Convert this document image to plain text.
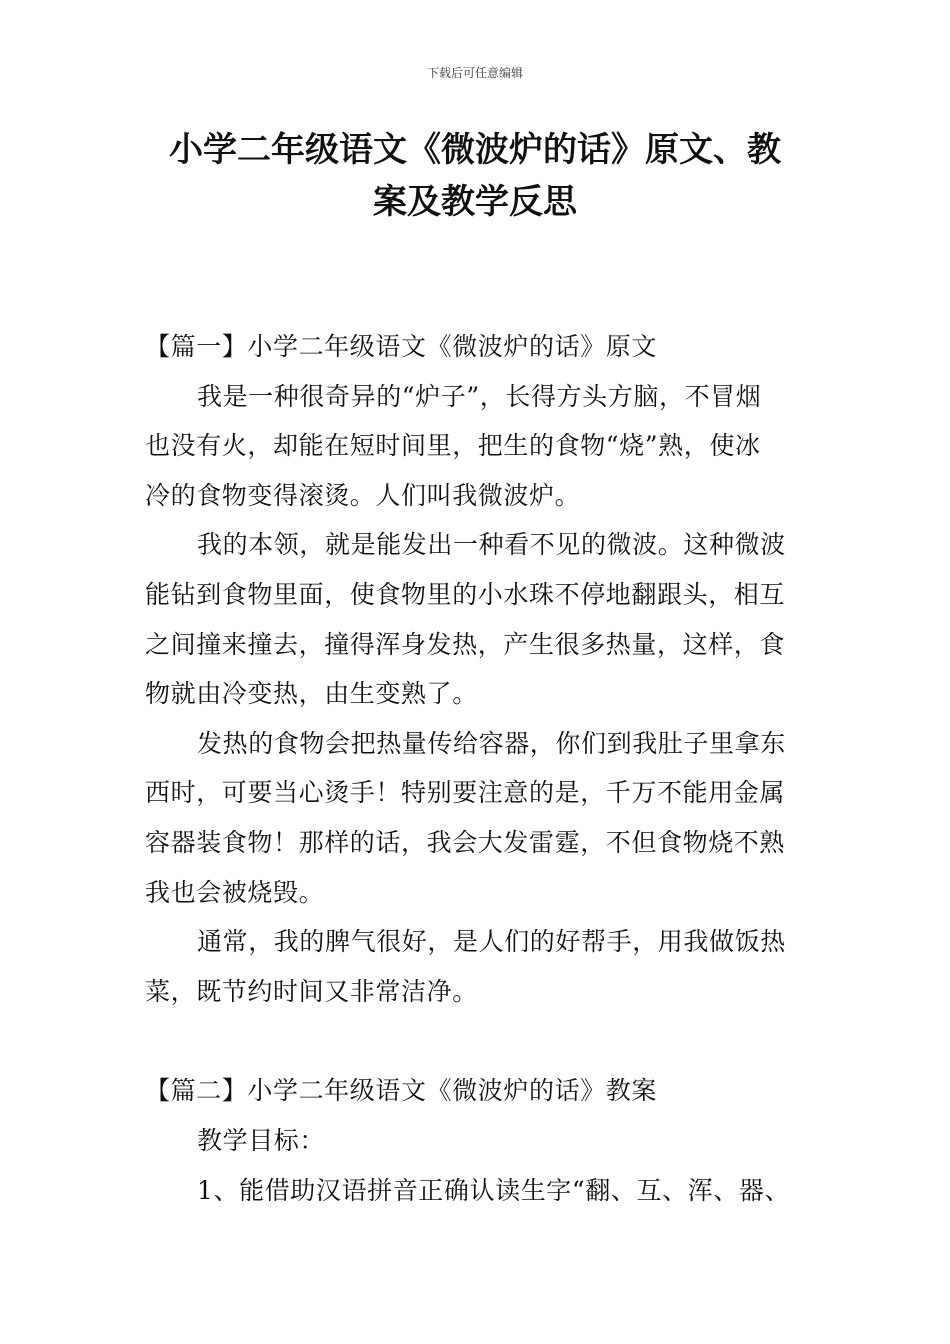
下载后可任意编辑
小学二年级语文《微波炉的话》原文、教
案及教学反思
【篇一】小学二年级语文《微波炉的话》原文
我是一种很奇异的“炉子”，长得方头方脑，不冒烟
也没有火，却能在短时间里，把生的食物“烧”熟，使冰
冷的食物变得滚烫。人们叫我微波炉。
我的本领，就是能发出一种看不见的微波。这种微波
能钻到食物里面，使食物里的小水珠不停地翻跟头，相互
之间撞来撞去，撞得浑身发热，产生很多热量，这样，食
物就由冷变热，由生变熟了。
发热的食物会把热量传给容器，你们到我肚子里拿东
西时，可要当心烫手！特别要注意的是，千万不能用金属
容器装食物！那样的话，我会大发雷霆，不但食物烧不熟
我也会被烧毁。
通常，我的脾气很好，是人们的好帮手，用我做饭热
菜，既节约时间又非常洁净。
【篇二】小学二年级语文《微波炉的话》教案
教学目标：
1、能借助汉语拼音正确认读生字“翻、互、浑、器、
